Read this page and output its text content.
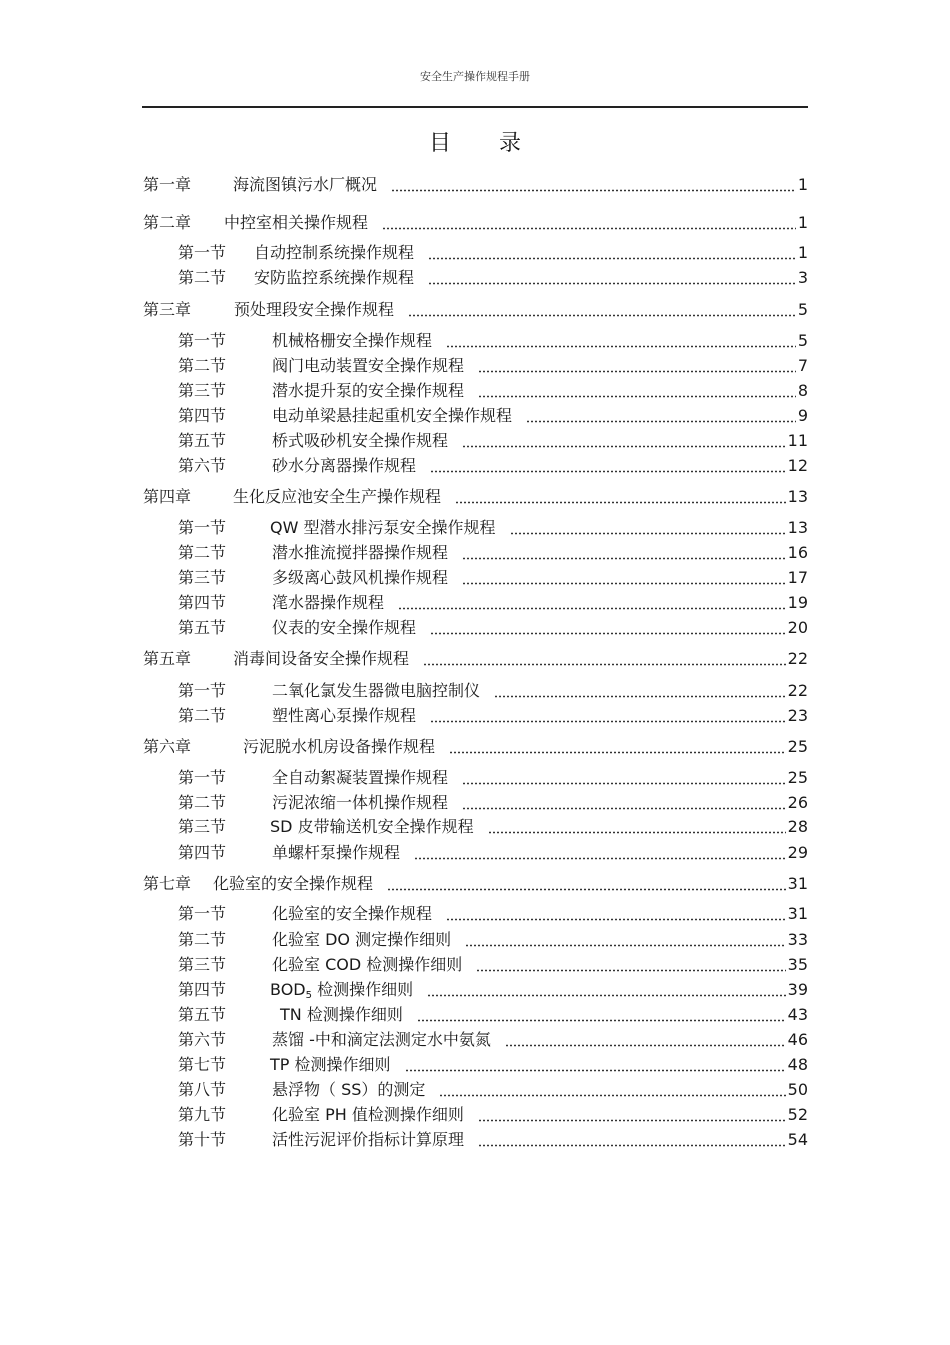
安全生产操作规程手册
目录
第一章	海流图镇污水厂概况	1
第二章 中控室相关操作规程	1
第一节 自动控制系统操作规程	1
第二节 安防监控系统操作规程	3
第三章	预处理段安全操作规程	5
第一节	机械格栅安全操作规程	5
第二节	阀门电动装置安全操作规程	7
第三节	潜水提升泵的安全操作规程	8
第四节	电动单梁悬挂起重机安全操作规程	9
第五节	桥式吸砂机安全操作规程	11
第六节	砂水分离器操作规程	12
第四章	生化反应池安全生产操作规程	13
第一节	QW 型潜水排污泵安全操作规程	13
第二节	潜水推流搅拌器操作规程	16
第三节	多级离心鼓风机操作规程	17
第四节	滗水器操作规程	19
第五节	仪表的安全操作规程	20
第五章	消毒间设备安全操作规程	22
第一节	二氧化氯发生器微电脑控制仪	22
第二节	塑性离心泵操作规程	23
第六章	污泥脱水机房设备操作规程	25
第一节	全自动絮凝装置操作规程	25
第二节	污泥浓缩一体机操作规程	26
第三节	SD 皮带输送机安全操作规程	28
第四节	单螺杆泵操作规程	29
第七章 化验室的安全操作规程	31
第一节	化验室的安全操作规程	31
第二节	化验室 DO 测定操作细则	33
第三节	化验室 COD 检测操作细则	35
第四节	$BOD_5$ 检测操作细则	39
第五节	TN 检测操作细则	43
第六节	蒸馏 -中和滴定法测定水中氨氮	46
第七节	TP 检测操作细则	48
第八节	悬浮物（ SS）的测定	50
第九节	化验室 PH 值检测操作细则	52
第十节	活性污泥评价指标计算原理	54
